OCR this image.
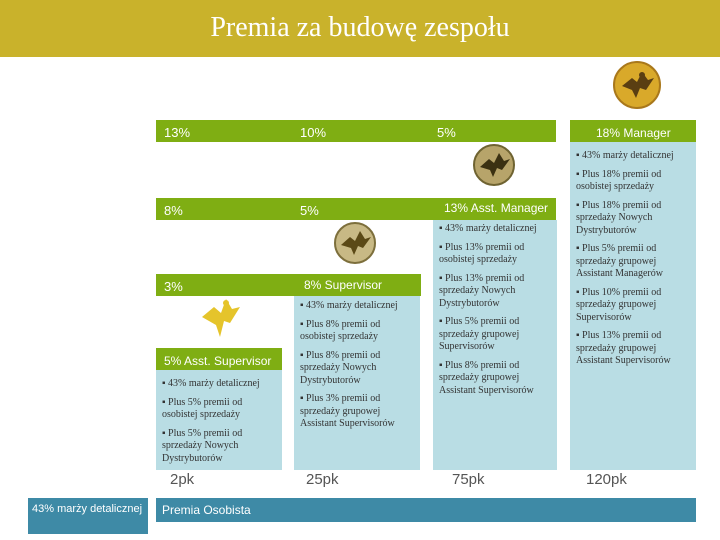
Premia za budowę zespołu
13%	10%	5%	18% Manager
▪ 43% marży detalicznej
▪ Plus 18% premii od osobistej sprzedaży
▪ Plus 18% premii od sprzedaży Nowych Dystrybutorów
▪ Plus 5% premii od sprzedaży grupowej Assistant Managerów
▪ Plus 10% premii od sprzedaży grupowej Supervisorów
▪ Plus 13% premii od sprzedaży grupowej Assistant Supervisorów
8%	5%	13% Asst. Manager
▪ 43% marży detalicznej
▪ Plus 13% premii od osobistej sprzedaży
▪ Plus 13% premii od sprzedaży Nowych Dystrybutorów
▪ Plus 5% premii od sprzedaży grupowej Supervisorów
▪ Plus 8% premii od sprzedaży grupowej Assistant Supervisorów
3%	8% Supervisor
▪ 43% marży detalicznej
▪ Plus 8% premii od osobistej sprzedaży
▪ Plus 8% premii od sprzedaży Nowych Dystrybutorów
▪ Plus 3% premii od sprzedaży grupowej Assistant Supervisorów
5% Asst. Supervisor
▪ 43% marży detalicznej
▪ Plus 5% premii od osobistej sprzedaży
▪ Plus 5% premii od sprzedaży Nowych Dystrybutorów
2pk	25pk	75pk	120pk
43% marży detalicznej	Premia Osobista
